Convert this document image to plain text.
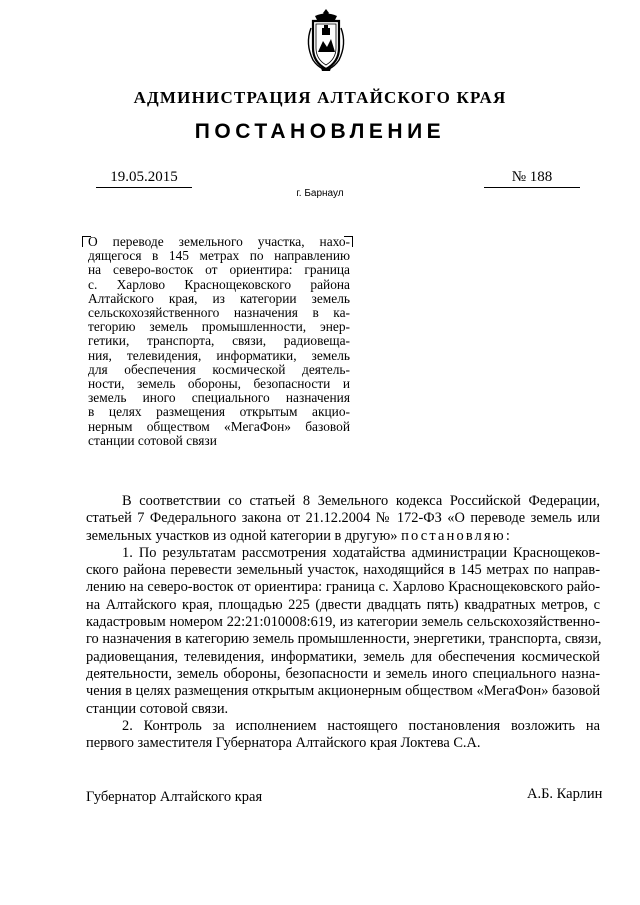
АДМИНИСТРАЦИЯ АЛТАЙСКОГО КРАЯ
ПОСТАНОВЛЕНИЕ
19.05.2015	№ 188
г. Барнаул
О переводе земельного участка, нахо-
дящегося в 145 метрах по направлению
на северо-восток от ориентира: граница
с. Харлово Краснощековского района
Алтайского края, из категории земель
сельскохозяйственного назначения в ка-
тегорию земель промышленности, энер-
гетики, транспорта, связи, радиовеща-
ния, телевидения, информатики, земель
для обеспечения космической деятель-
ности, земель обороны, безопасности и
земель иного специального назначения
в целях размещения открытым акцио-
нерным обществом «МегаФон» базовой
станции сотовой связи
В соответствии со статьей 8 Земельного кодекса Российской Федерации,
статьей 7 Федерального закона от 21.12.2004 № 172-ФЗ «О переводе земель или
земельных участков из одной категории в другую» постановляю:
1. По результатам рассмотрения ходатайства администрации Краснощеков-
ского района перевести земельный участок, находящийся в 145 метрах по направ-
лению на северо-восток от ориентира: граница с. Харлово Краснощековского райо-
на Алтайского края, площадью 225 (двести двадцать пять) квадратных метров, с
кадастровым номером 22:21:010008:619, из категории земель сельскохозяйственно-
го назначения в категорию земель промышленности, энергетики, транспорта, связи,
радиовещания, телевидения, информатики, земель для обеспечения космической
деятельности, земель обороны, безопасности и земель иного специального назна-
чения в целях размещения открытым акционерным обществом «МегаФон» базовой
станции сотовой связи.
2. Контроль за исполнением настоящего постановления возложить на
первого заместителя Губернатора Алтайского края Локтева С.А.
Губернатор Алтайского края	А.Б. Карлин
